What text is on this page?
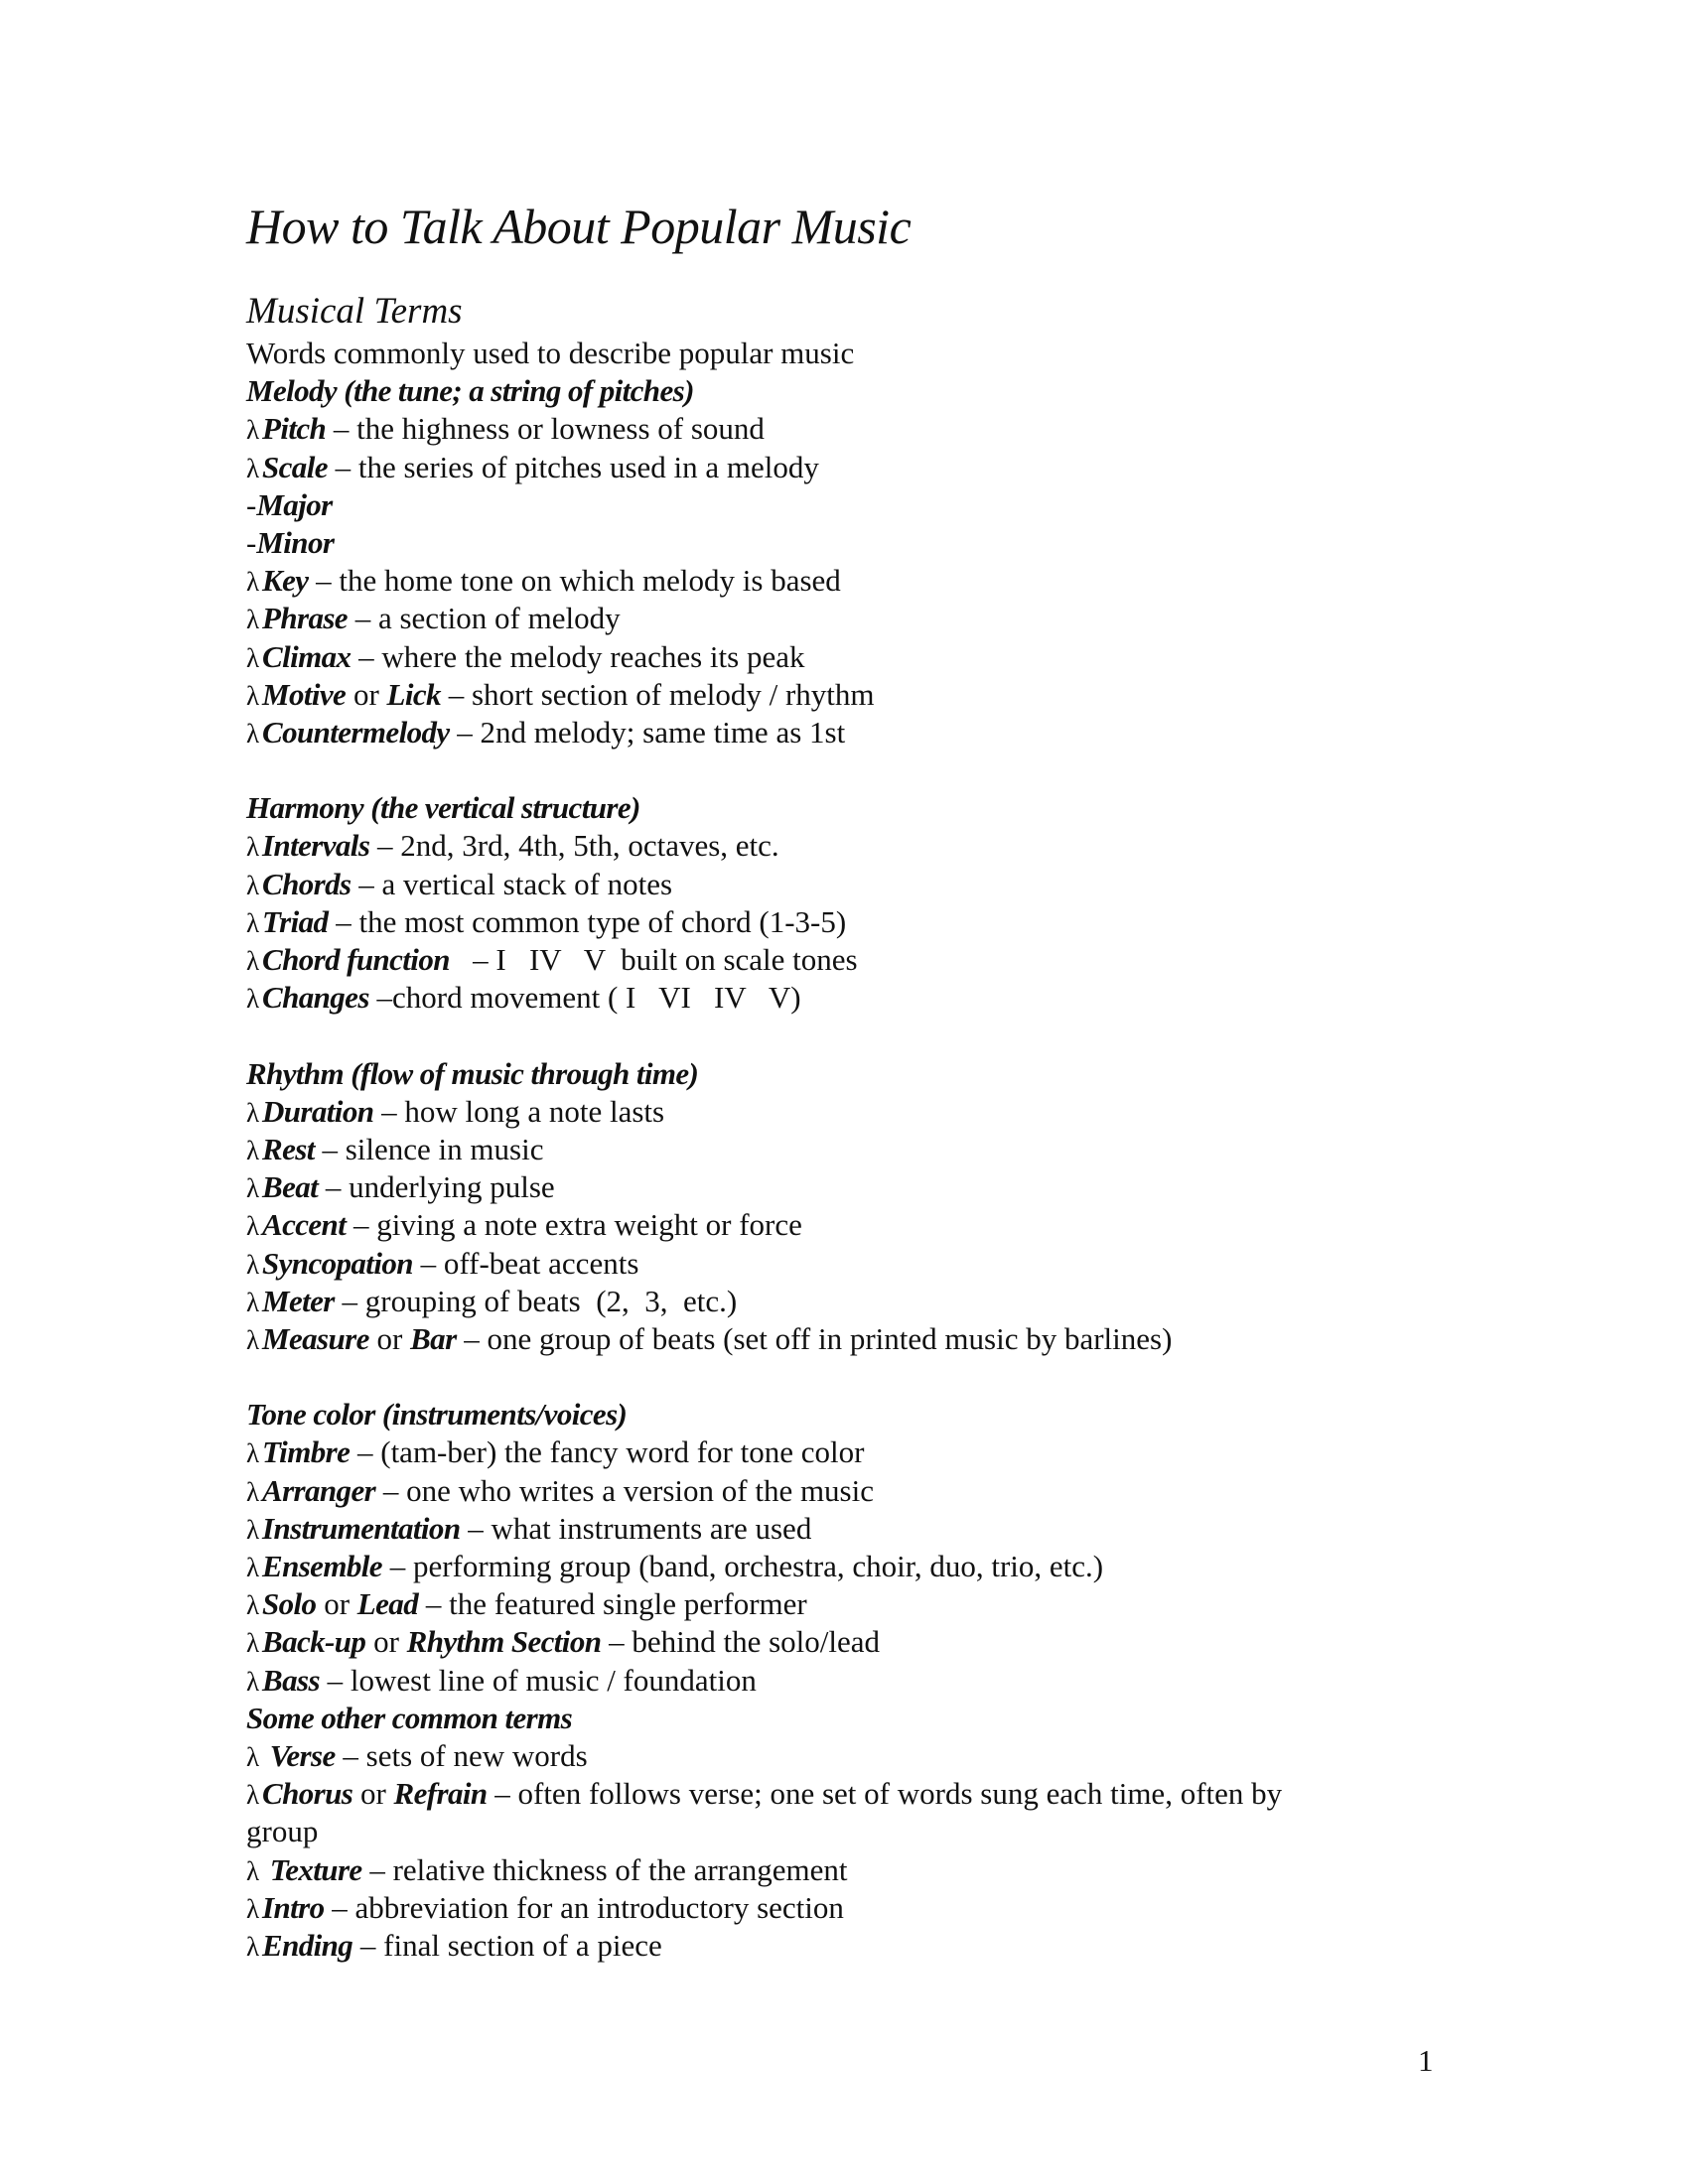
How to Talk About Popular Music
Musical Terms
Words commonly used to describe popular music
Melody (the tune; a string of pitches)
λPitch – the highness or lowness of sound
λScale – the series of pitches used in a melody
-Major
-Minor
λKey – the home tone on which melody is based
λPhrase – a section of melody
λClimax – where the melody reaches its peak
λMotive or Lick – short section of melody / rhythm
λCountermelody – 2nd melody; same time as 1st
Harmony (the vertical structure)
λIntervals – 2nd, 3rd, 4th, 5th, octaves, etc.
λChords – a vertical stack of notes
λTriad – the most common type of chord (1-3-5)
λChord function   – I   IV   V  built on scale tones
λChanges –chord movement ( I   VI   IV   V)
Rhythm (flow of music through time)
λDuration – how long a note lasts
λRest – silence in music
λBeat – underlying pulse
λAccent – giving a note extra weight or force
λSyncopation – off-beat accents
λMeter – grouping of beats  (2,  3,  etc.)
λMeasure or Bar – one group of beats (set off in printed music by barlines)
Tone color (instruments/voices)
λTimbre – (tam-ber) the fancy word for tone color
λArranger – one who writes a version of the music
λInstrumentation – what instruments are used
λEnsemble – performing group (band, orchestra, choir, duo, trio, etc.)
λSolo or Lead – the featured single performer
λBack-up or Rhythm Section – behind the solo/lead
λBass – lowest line of music / foundation
Some other common terms
λ Verse – sets of new words
λChorus or Refrain – often follows verse; one set of words sung each time, often by
group
λ Texture – relative thickness of the arrangement
λIntro – abbreviation for an introductory section
λEnding – final section of a piece
1
